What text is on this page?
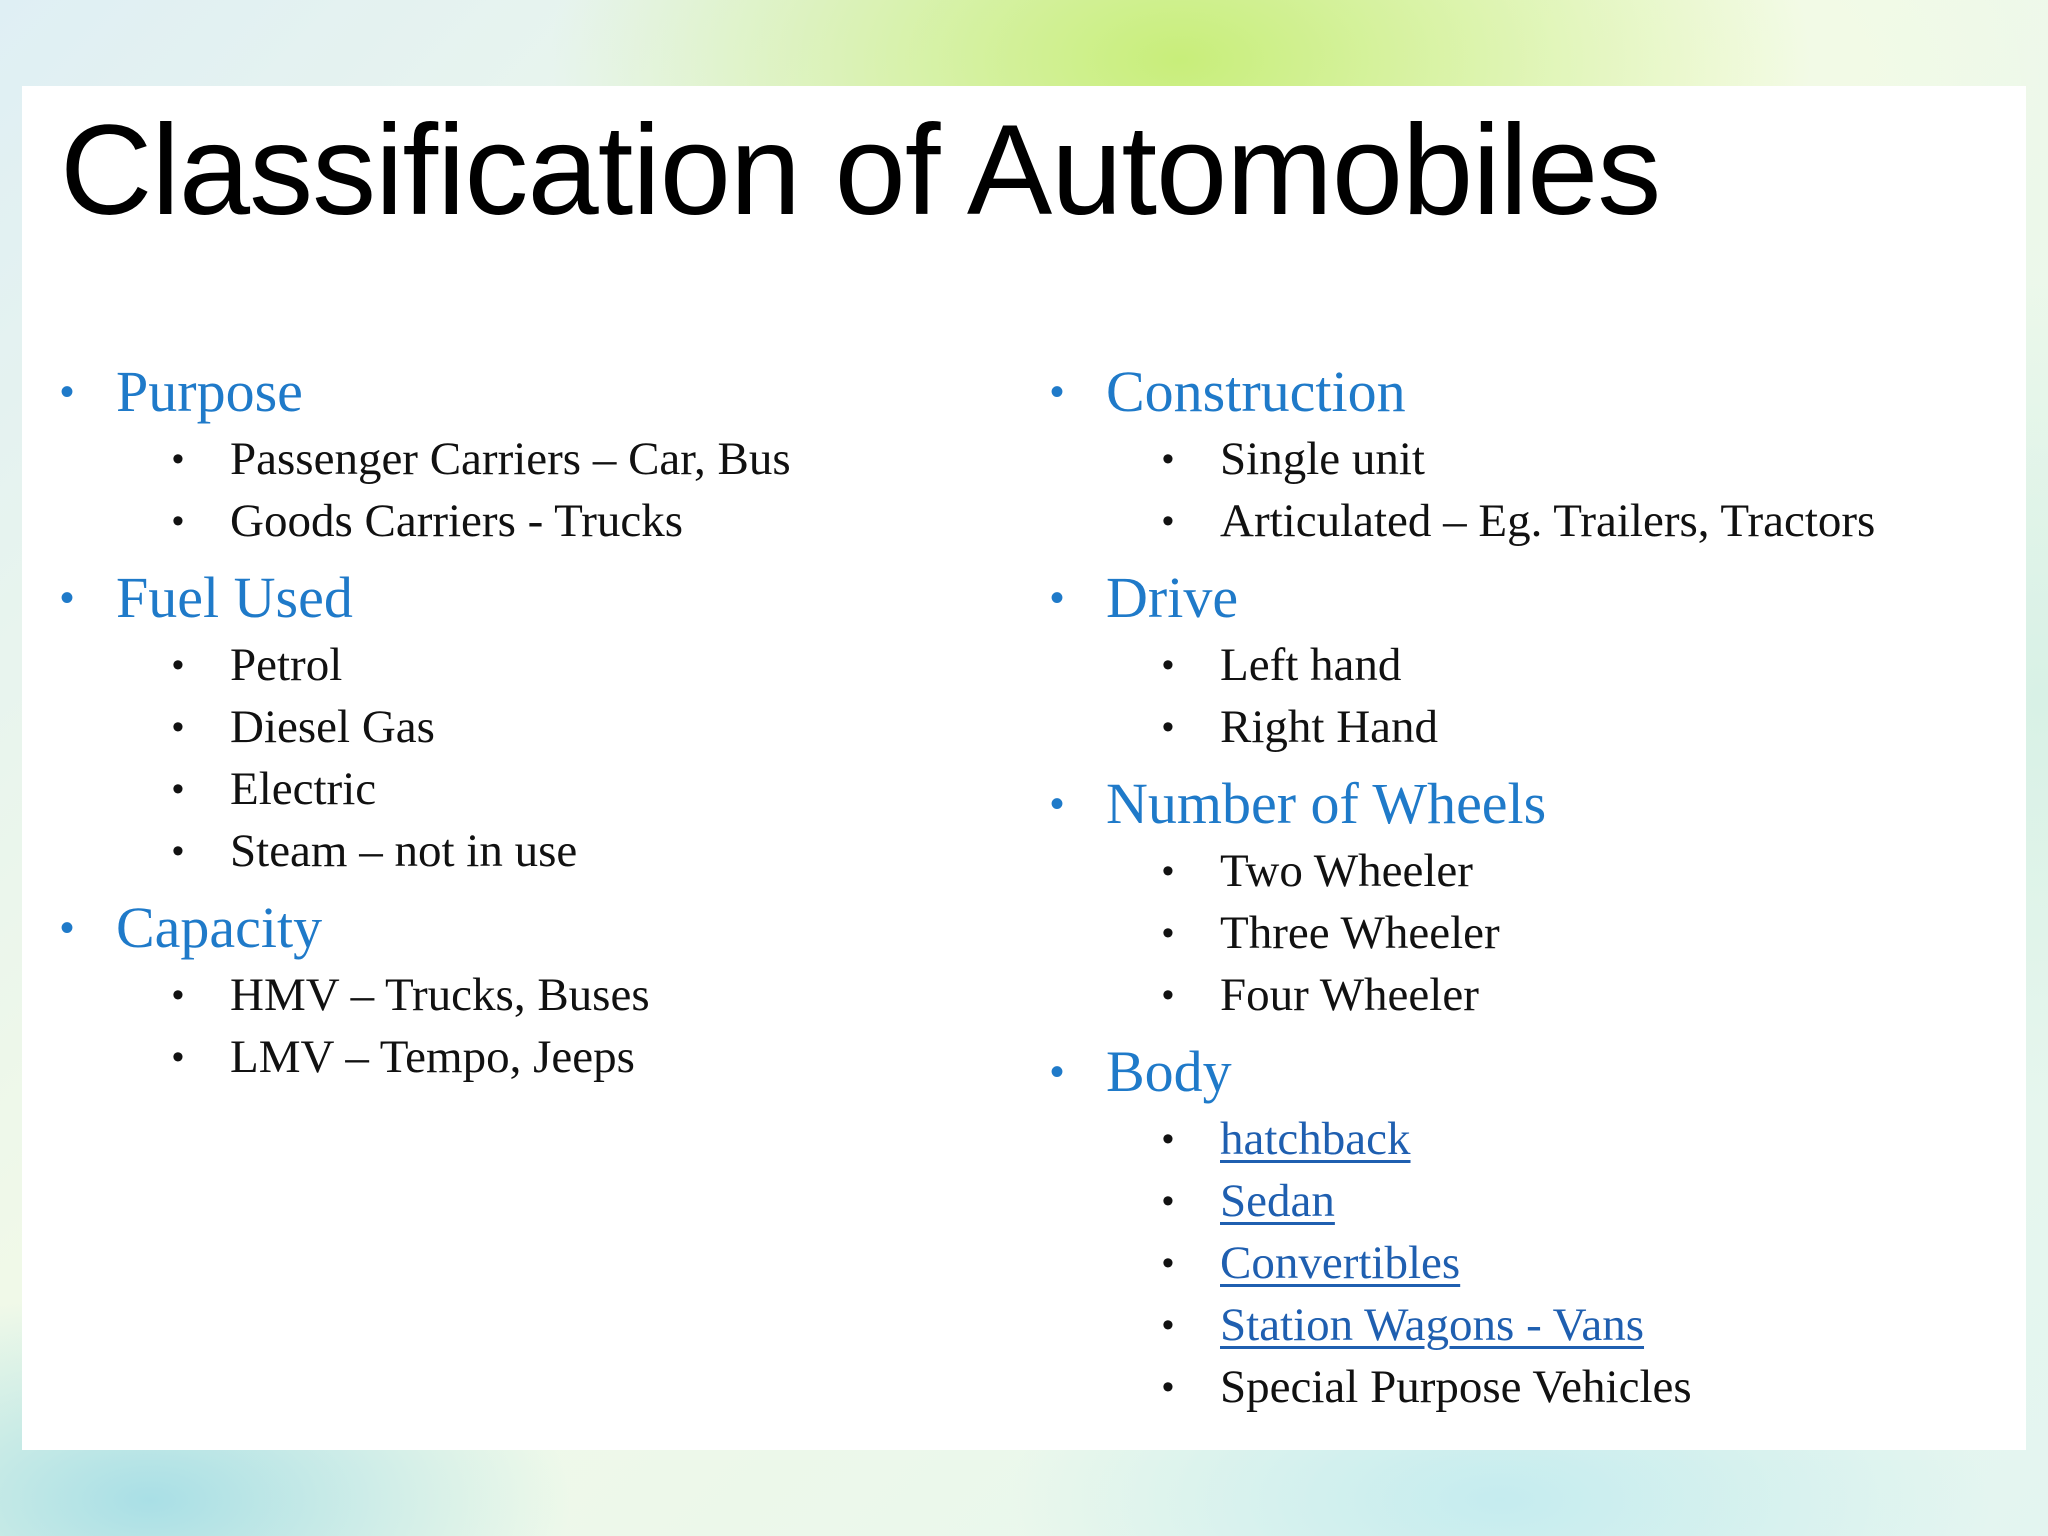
Classification of Automobiles
• Purpose
• Passenger Carriers – Car, Bus
• Goods Carriers - Trucks
• Fuel Used
• Petrol
• Diesel Gas
• Electric
• Steam – not in use
• Capacity
• HMV – Trucks, Buses
• LMV – Tempo, Jeeps
• Construction
• Single unit
• Articulated – Eg. Trailers, Tractors
• Drive
• Left hand
• Right Hand
• Number of Wheels
• Two Wheeler
• Three Wheeler
• Four Wheeler
• Body
• hatchback
• Sedan
• Convertibles
• Station Wagons - Vans
• Special Purpose Vehicles
